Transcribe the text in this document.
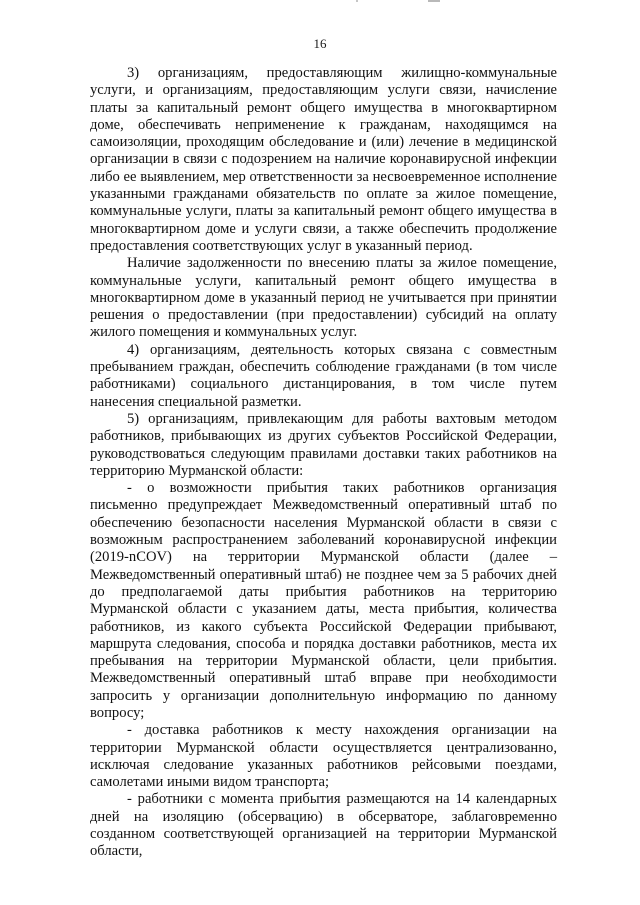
16

3) организациям, предоставляющим жилищно-коммунальные услуги, и организациям, предоставляющим услуги связи, начисление платы за капитальный ремонт общего имущества в многоквартирном доме, обеспечивать неприменение к гражданам, находящимся на самоизоляции, проходящим обследование и (или) лечение в медицинской организации в связи с подозрением на наличие коронавирусной инфекции либо ее выявлением, мер ответственности за несвоевременное исполнение указанными гражданами обязательств по оплате за жилое помещение, коммунальные услуги, платы за капитальный ремонт общего имущества в многоквартирном доме и услуги связи, а также обеспечить продолжение предоставления соответствующих услуг в указанный период.

Наличие задолженности по внесению платы за жилое помещение, коммунальные услуги, капитальный ремонт общего имущества в многоквартирном доме в указанный период не учитывается при принятии решения о предоставлении (при предоставлении) субсидий на оплату жилого помещения и коммунальных услуг.

4) организациям, деятельность которых связана с совместным пребыванием граждан, обеспечить соблюдение гражданами (в том числе работниками) социального дистанцирования, в том числе путем нанесения специальной разметки.

5) организациям, привлекающим для работы вахтовым методом работников, прибывающих из других субъектов Российской Федерации, руководствоваться следующим правилами доставки таких работников на территорию Мурманской области:

- о возможности прибытия таких работников организация письменно предупреждает Межведомственный оперативный штаб по обеспечению безопасности населения Мурманской области в связи с возможным распространением заболеваний коронавирусной инфекции (2019-nCOV) на территории Мурманской области (далее – Межведомственный оперативный штаб) не позднее чем за 5 рабочих дней до предполагаемой даты прибытия работников на территорию Мурманской области с указанием даты, места прибытия, количества работников, из какого субъекта Российской Федерации прибывают, маршрута следования, способа и порядка доставки работников, места их пребывания на территории Мурманской области, цели прибытия. Межведомственный оперативный штаб вправе при необходимости запросить у организации дополнительную информацию по данному вопросу;

- доставка работников к месту нахождения организации на территории Мурманской области осуществляется централизованно, исключая следование указанных работников рейсовыми поездами, самолетами иными видом транспорта;

- работники с момента прибытия размещаются на 14 календарных дней на изоляцию (обсервацию) в обсерваторе, заблаговременно созданном соответствующей организацией на территории Мурманской области,
